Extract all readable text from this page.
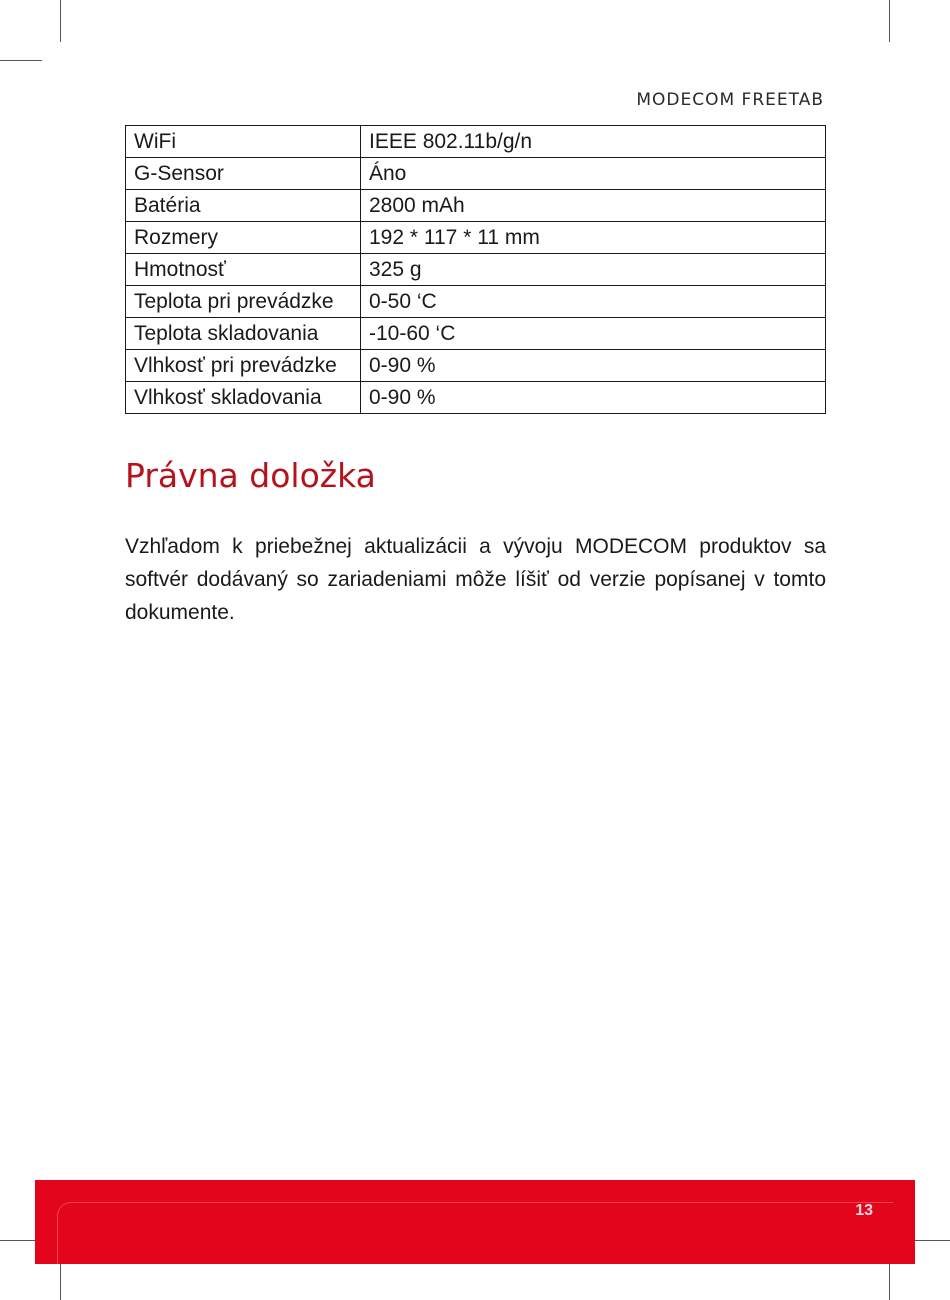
MODECOM FREETAB
WiFi	IEEE 802.11b/g/n
G-Sensor	Áno
Batéria	2800 mAh
Rozmery	192 * 117 * 11 mm
Hmotnosť	325 g
Teplota pri prevádzke	0-50 ‘C
Teplota skladovania	-10-60 ‘C
Vlhkosť pri prevádzke	0-90 %
Vlhkosť skladovania	0-90 %
Právna doložka

Vzhľadom k priebežnej aktualizácii a vývoju MODECOM produktov sa softvér dodávaný so zariadeniami môže líšiť od verzie popísanej v tomto dokumente.

13
